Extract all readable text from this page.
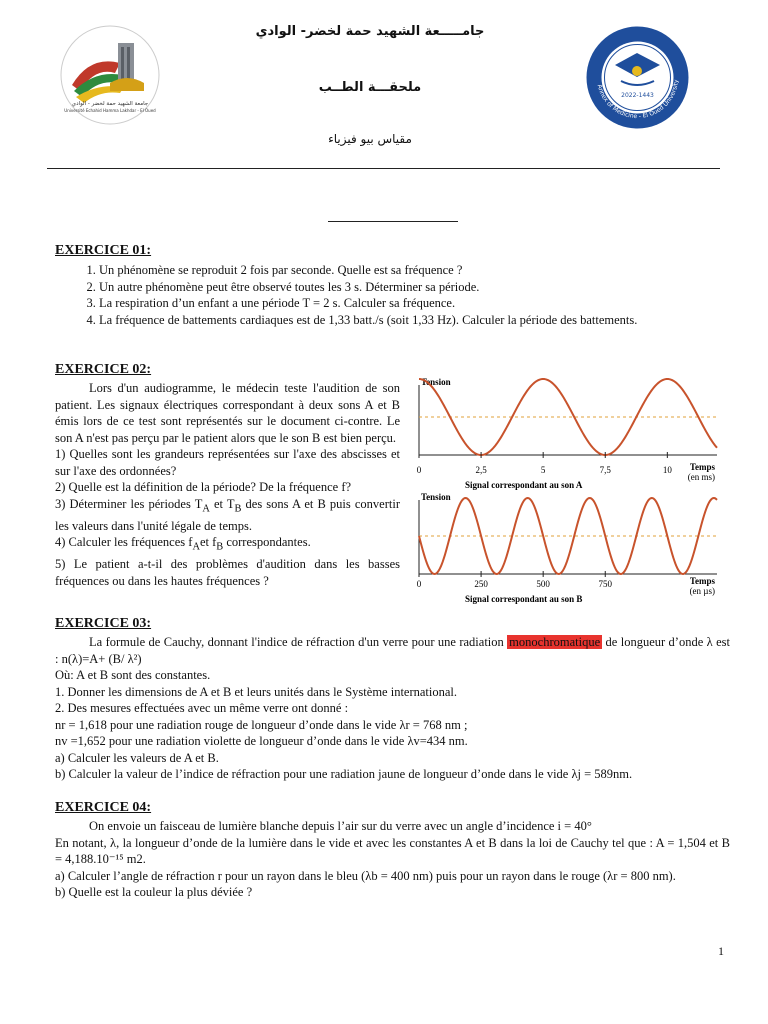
جامعة الشهيد حمة لخضر - الوادي
Université Echahid Hamma Lakhdar - El Oued
جامـــــعة الشهيد حمة لخضر- الوادي
ملحقـــة الطــب
مقياس بيو فيزياء
2022-1443
Annex of Medicine - El Oued University
EXERCICE 01:
1. Un phénomène se reproduit 2 fois par seconde. Quelle est sa fréquence ?
2. Un autre phénomène peut être observé toutes les 3 s. Déterminer sa période.
3. La respiration d’un enfant a une période T = 2 s. Calculer sa fréquence.
4. La fréquence de battements cardiaques est de 1,33 batt./s (soit 1,33 Hz). Calculer la période des battements.
EXERCICE 02:

Lors d'un audiogramme, le médecin teste l'audition de son patient. Les signaux électriques correspondant à deux sons A et B émis lors de ce test sont représentés sur le document ci-contre. Le son A n'est pas perçu par le patient alors que le son B est bien perçu.

1) Quelles sont les grandeurs représentées sur l'axe des abscisses et sur l'axe des ordonnées?

2) Quelle est la définition de la période? De la fréquence f?

3) Déterminer les périodes $T_A$ et $T_B$ des sons A et B puis convertir les valeurs dans l'unité légale de temps.

4) Calculer les fréquences $f_Aet$ $f_B$ correspondantes.

5) Le patient a-t-il des problèmes d'audition dans les basses fréquences ou dans les hautes fréquences ?

Tension
0	2,5	5	7,5	10 Temps
(en ms)
Signal correspondant au son A
Tension
0	250	500	750	Temps
(en µs)
Signal correspondant au son B
EXERCICE 03:
La formule de Cauchy, donnant l'indice de réfraction d'un verre pour une radiation monochromatique de longueur d’onde λ est : n(λ)=A+ (B/ λ²)
Où: A et B sont des constantes.
1. Donner les dimensions de A et B et leurs unités dans le Système international.
2. Des mesures effectuées avec un même verre ont donné :
nr = 1,618 pour une radiation rouge de longueur d’onde dans le vide λr = 768 nm ;
nv =1,652 pour une radiation violette de longueur d’onde dans le vide λv=434 nm.
a) Calculer les valeurs de A et B.
b) Calculer la valeur de l’indice de réfraction pour une radiation jaune de longueur d’onde dans le vide λj = 589nm.
EXERCICE 04:
On envoie un faisceau de lumière blanche depuis l’air sur du verre avec un angle d’incidence i = 40°
En notant, λ, la longueur d’onde de la lumière dans le vide et avec les constantes A et B dans la loi de Cauchy tel que : A = 1,504 et B = 4,188.10⁻¹⁵ m2.
a) Calculer l’angle de réfraction r pour un rayon dans le bleu (λb = 400 nm) puis pour un rayon dans le rouge (λr = 800 nm).
b) Quelle est la couleur la plus déviée ?
1
